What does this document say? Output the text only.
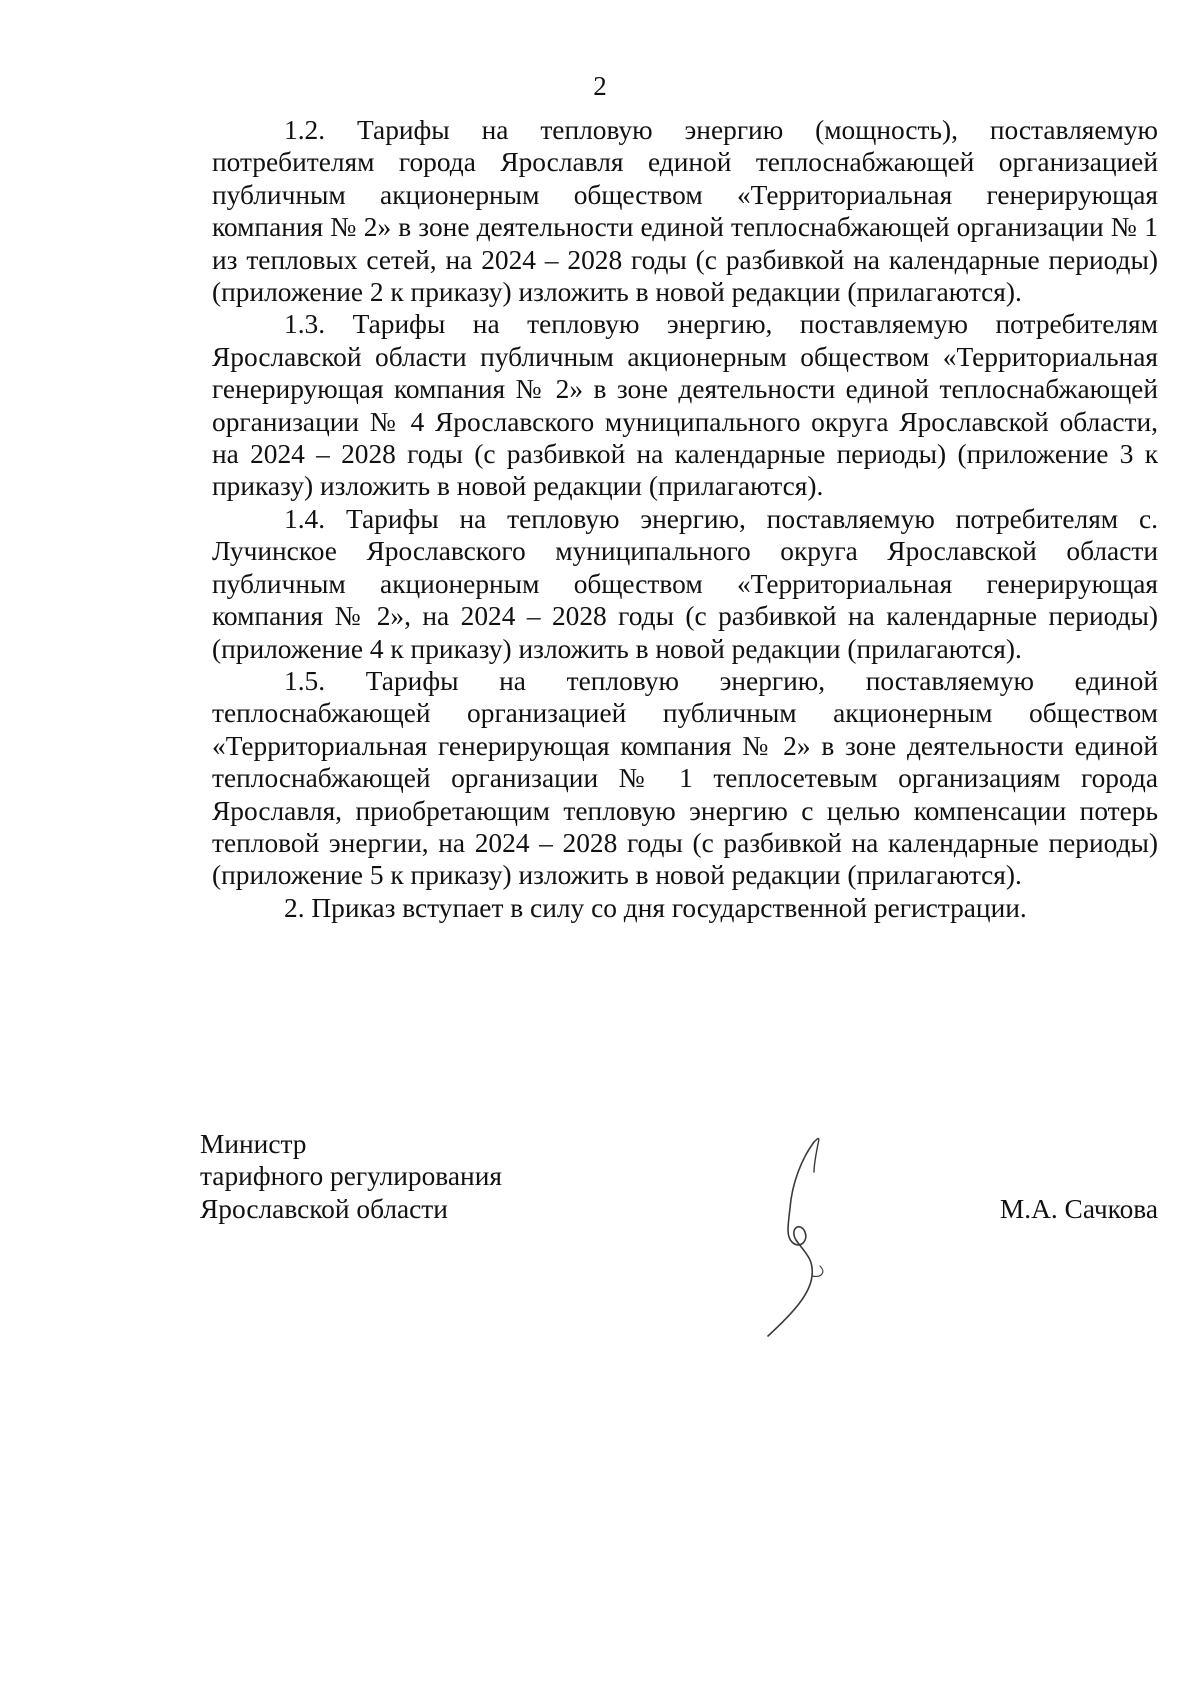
2

1.2. Тарифы на тепловую энергию (мощность), поставляемую потребителям города Ярославля единой теплоснабжающей организацией публичным акционерным обществом «Территориальная генерирующая компания № 2» в зоне деятельности единой теплоснабжающей организации № 1 из тепловых сетей, на 2024 – 2028 годы (с разбивкой на календарные периоды) (приложение 2 к приказу) изложить в новой редакции (прилагаются).

1.3. Тарифы на тепловую энергию, поставляемую потребителям Ярославской области публичным акционерным обществом «Территориальная генерирующая компания № 2» в зоне деятельности единой теплоснабжающей организации № 4 Ярославского муниципального округа Ярославской области, на 2024 – 2028 годы (с разбивкой на календарные периоды) (приложение 3 к приказу) изложить в новой редакции (прилагаются).

1.4. Тарифы на тепловую энергию, поставляемую потребителям с. Лучинское Ярославского муниципального округа Ярославской области публичным акционерным обществом «Территориальная генерирующая компания № 2», на 2024 – 2028 годы (с разбивкой на календарные периоды) (приложение 4 к приказу) изложить в новой редакции (прилагаются).

1.5. Тарифы на тепловую энергию, поставляемую единой теплоснабжающей организацией публичным акционерным обществом «Территориальная генерирующая компания № 2» в зоне деятельности единой теплоснабжающей организации № 1 теплосетевым организациям города Ярославля, приобретающим тепловую энергию с целью компенсации потерь тепловой энергии, на 2024 – 2028 годы (с разбивкой на календарные периоды) (приложение 5 к приказу) изложить в новой редакции (прилагаются).

2. Приказ вступает в силу со дня государственной регистрации.

Министр
тарифного регулирования
Ярославской области	М.А. Сачкова
